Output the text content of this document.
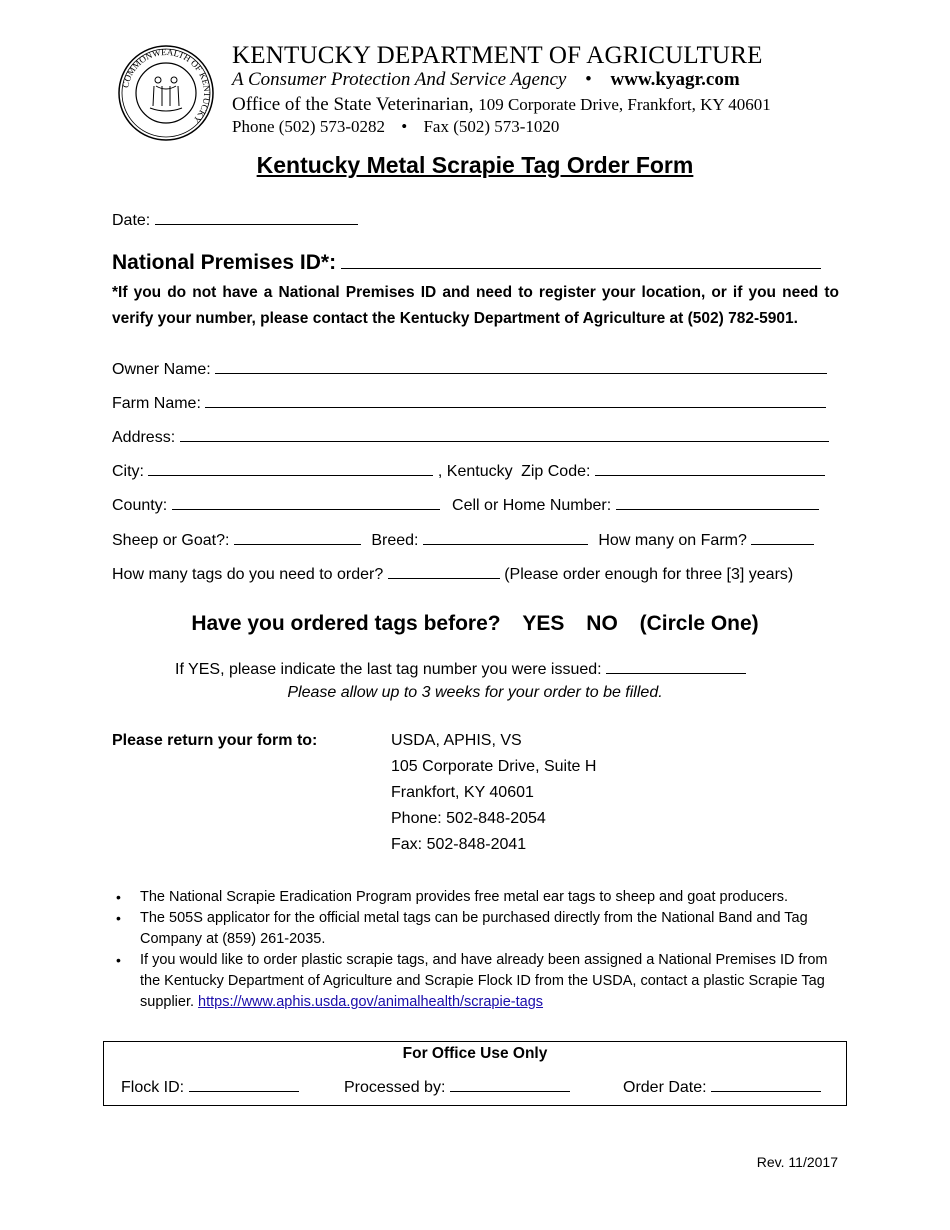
COMMONWEALTH OF KENTUCKY
KENTUCKY DEPARTMENT OF AGRICULTURE
A Consumer Protection And Service Agency • www.kyagr.com
Office of the State Veterinarian, 109 Corporate Drive, Frankfort, KY 40601
Phone (502) 573-0282 • Fax (502) 573-1020
Kentucky Metal Scrapie Tag Order Form
Date:
National Premises ID*:
*If you do not have a National Premises ID and need to register your location, or if you need to verify your number, please contact the Kentucky Department of Agriculture at (502) 782-5901.
Owner Name:
Farm Name:
Address:
City:	, Kentucky Zip Code:
County:	Cell or Home Number:
Sheep or Goat?:	Breed:	How many on Farm?
How many tags do you need to order?	(Please order enough for three [3] years)
Have you ordered tags before? YES NO (Circle One)
If YES, please indicate the last tag number you were issued:
Please allow up to 3 weeks for your order to be filled.
Please return your form to:	USDA, APHIS, VS
105 Corporate Drive, Suite H
Frankfort, KY 40601
Phone: 502-848-2054
Fax: 502-848-2041
• The National Scrapie Eradication Program provides free metal ear tags to sheep and goat producers.
• The 505S applicator for the official metal tags can be purchased directly from the National Band and Tag Company at (859) 261-2035.
• If you would like to order plastic scrapie tags, and have already been assigned a National Premises ID from the Kentucky Department of Agriculture and Scrapie Flock ID from the USDA, contact a plastic Scrapie Tag supplier. https://www.aphis.usda.gov/animalhealth/scrapie-tags
For Office Use Only
Flock ID:	Processed by:	Order Date:
Rev. 11/2017
